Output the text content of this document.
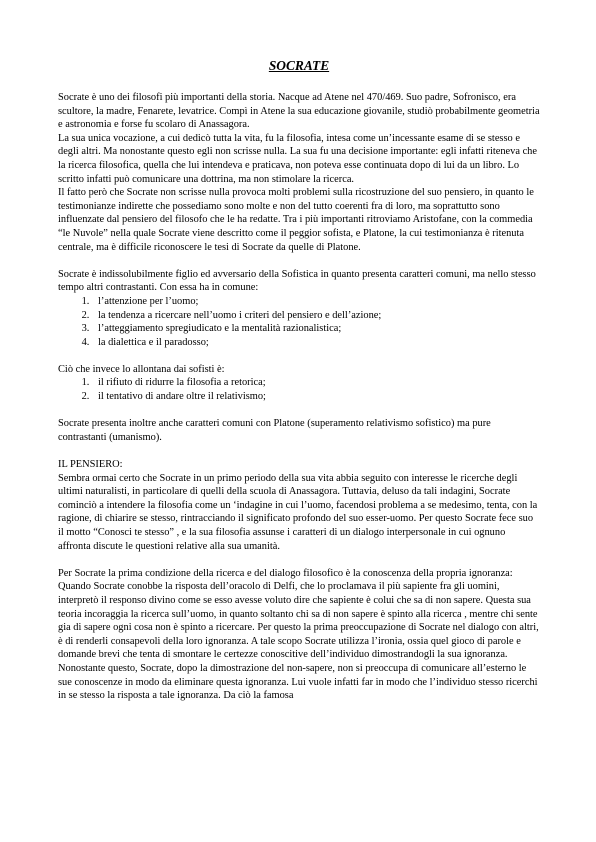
SOCRATE

Socrate è uno dei filosofi più importanti della storia. Nacque ad Atene nel 470/469. Suo padre, Sofronisco, era scultore, la madre, Fenarete, levatrice. Compì in Atene la sua educazione giovanile, studiò probabilmente geometria e astronomia e forse fu scolaro di Anassagora.

La sua unica vocazione, a cui dedicò tutta la vita, fu la filosofia, intesa come un’incessante esame di se stesso e degli altri. Ma nonostante questo egli non scrisse nulla. La sua fu una decisione importante: egli infatti riteneva che la ricerca filosofica, quella che lui intendeva e praticava, non poteva esse continuata dopo di lui da un libro. Lo scritto infatti può comunicare una dottrina, ma non stimolare la ricerca.

Il fatto però che Socrate non scrisse nulla provoca molti problemi sulla ricostruzione del suo pensiero, in quanto le testimonianze indirette che possediamo sono molte e non del tutto coerenti fra di loro, ma soprattutto sono influenzate dal pensiero del filosofo che le ha redatte. Tra i più importanti ritroviamo Aristofane, con la commedia “le Nuvole” nella quale Socrate viene descritto come il peggior sofista, e Platone, la cui testimonianza è ritenuta centrale, ma è difficile riconoscere le tesi di Socrate da quelle di Platone.

Socrate è indissolubilmente figlio ed avversario della Sofistica in quanto presenta caratteri comuni, ma nello stesso tempo altri contrastanti. Con essa ha in comune:

1. l’attenzione per l’uomo;
2. la tendenza a ricercare nell’uomo i criteri del pensiero e dell’azione;
3. l’atteggiamento spregiudicato e la mentalità razionalistica;
4. la dialettica e il paradosso;

Ciò che invece lo allontana dai sofisti è:

1. il rifiuto di ridurre la filosofia a retorica;
2. il tentativo di andare oltre il relativismo;

Socrate presenta inoltre anche caratteri comuni con Platone (superamento relativismo sofistico) ma pure contrastanti (umanismo).

IL PENSIERO:

Sembra ormai certo che Socrate in un primo periodo della sua vita abbia seguito con interesse le ricerche degli ultimi naturalisti, in particolare di quelli della scuola di Anassagora. Tuttavia, deluso da tali indagini, Socrate cominciò a intendere la filosofia come un ‘indagine in cui l’uomo, facendosi problema a se medesimo, tenta, con la ragione, di chiarire se stesso, rintracciando il significato profondo del suo esser-uomo. Per questo Socrate fece suo il motto “Conosci te stesso” , e la sua filosofia assunse i caratteri di un dialogo interpersonale in cui ognuno affronta discute le questioni relative alla sua umanità.

Per Socrate la prima condizione della ricerca e del dialogo filosofico è la conoscenza della propria ignoranza: Quando Socrate conobbe la risposta dell’oracolo di Delfi, che lo proclamava il più sapiente fra gli uomini, interpretò il responso divino come se esso avesse voluto dire che sapiente è colui che sa di non sapere. Questa sua teoria incoraggia la ricerca sull’uomo, in quanto soltanto chi sa di non sapere è spinto alla ricerca , mentre chi sente gia di sapere ogni cosa non è spinto a ricercare. Per questo la prima preoccupazione di Socrate nel dialogo con altri, è di renderli consapevoli della loro ignoranza. A tale scopo Socrate utilizza l’ironia, ossia quel gioco di parole e domande brevi che tenta di smontare le certezze conoscitive dell’individuo dimostrandogli la sua ignoranza. Nonostante questo, Socrate, dopo la dimostrazione del non-sapere, non si preoccupa di comunicare all’esterno le sue conoscenze in modo da eliminare questa ignoranza. Lui vuole infatti far in modo che l’individuo stesso ricerchi in se stesso la risposta a tale ignoranza. Da ciò la famosa
